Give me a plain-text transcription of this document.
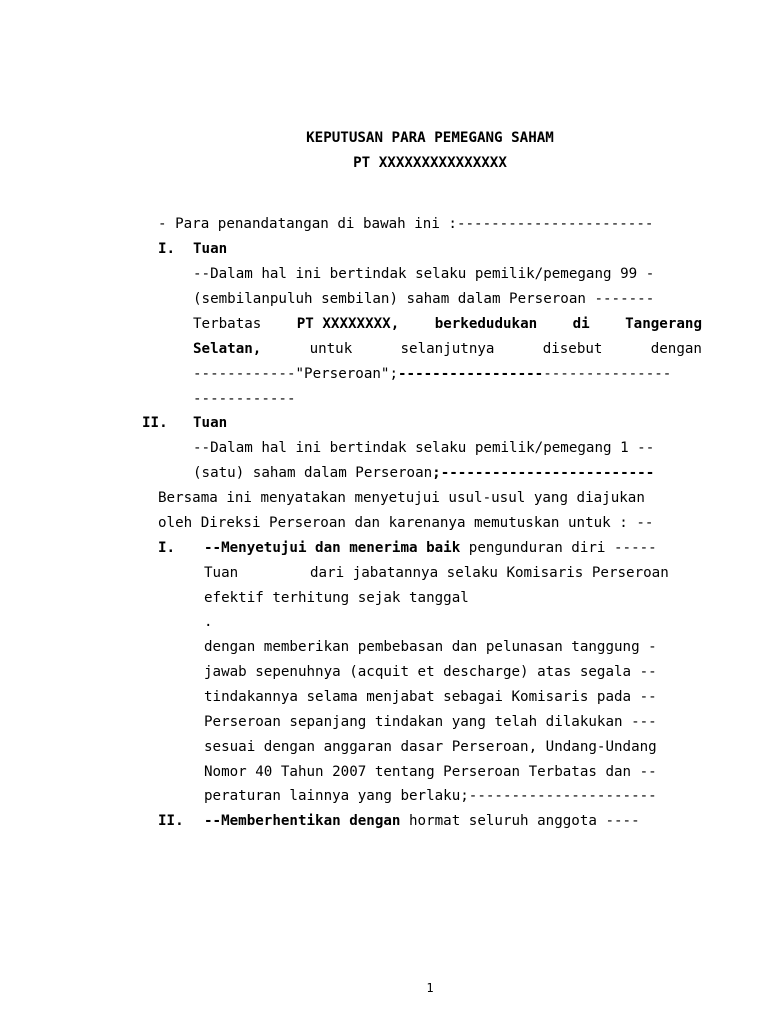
KEPUTUSAN PARA PEMEGANG SAHAM
PT XXXXXXXXXXXXXXX
- Para penandatangan di bawah ini :-----------------------
I. Tuan
--Dalam hal ini bertindak selaku pemilik/pemegang 99 -
(sembilanpuluh sembilan) saham dalam Perseroan -------
Terbatas PT XXXXXXXX, berkedudukan di Tangerang
Selatan,	untuk	selanjutnya	disebut	dengan
------------"Perseroan";--------------------------------
------------
II. Tuan
--Dalam hal ini bertindak selaku pemilik/pemegang 1 --
(satu) saham dalam Perseroan;-------------------------
Bersama ini menyatakan menyetujui usul-usul yang diajukan
oleh Direksi Perseroan dan karenanya memutuskan untuk : --
I. --Menyetujui dan menerima baik pengunduran diri -----
Tuan	dari jabatannya selaku Komisaris Perseroan
efektif terhitung sejak tanggal
.
dengan memberikan pembebasan dan pelunasan tanggung -
jawab sepenuhnya (acquit et descharge) atas segala --
tindakannya selama menjabat sebagai Komisaris pada --
Perseroan sepanjang tindakan yang telah dilakukan ---
sesuai dengan anggaran dasar Perseroan, Undang-Undang
Nomor 40 Tahun 2007 tentang Perseroan Terbatas dan --
peraturan lainnya yang berlaku;----------------------
II. --Memberhentikan dengan hormat seluruh anggota ----
1
